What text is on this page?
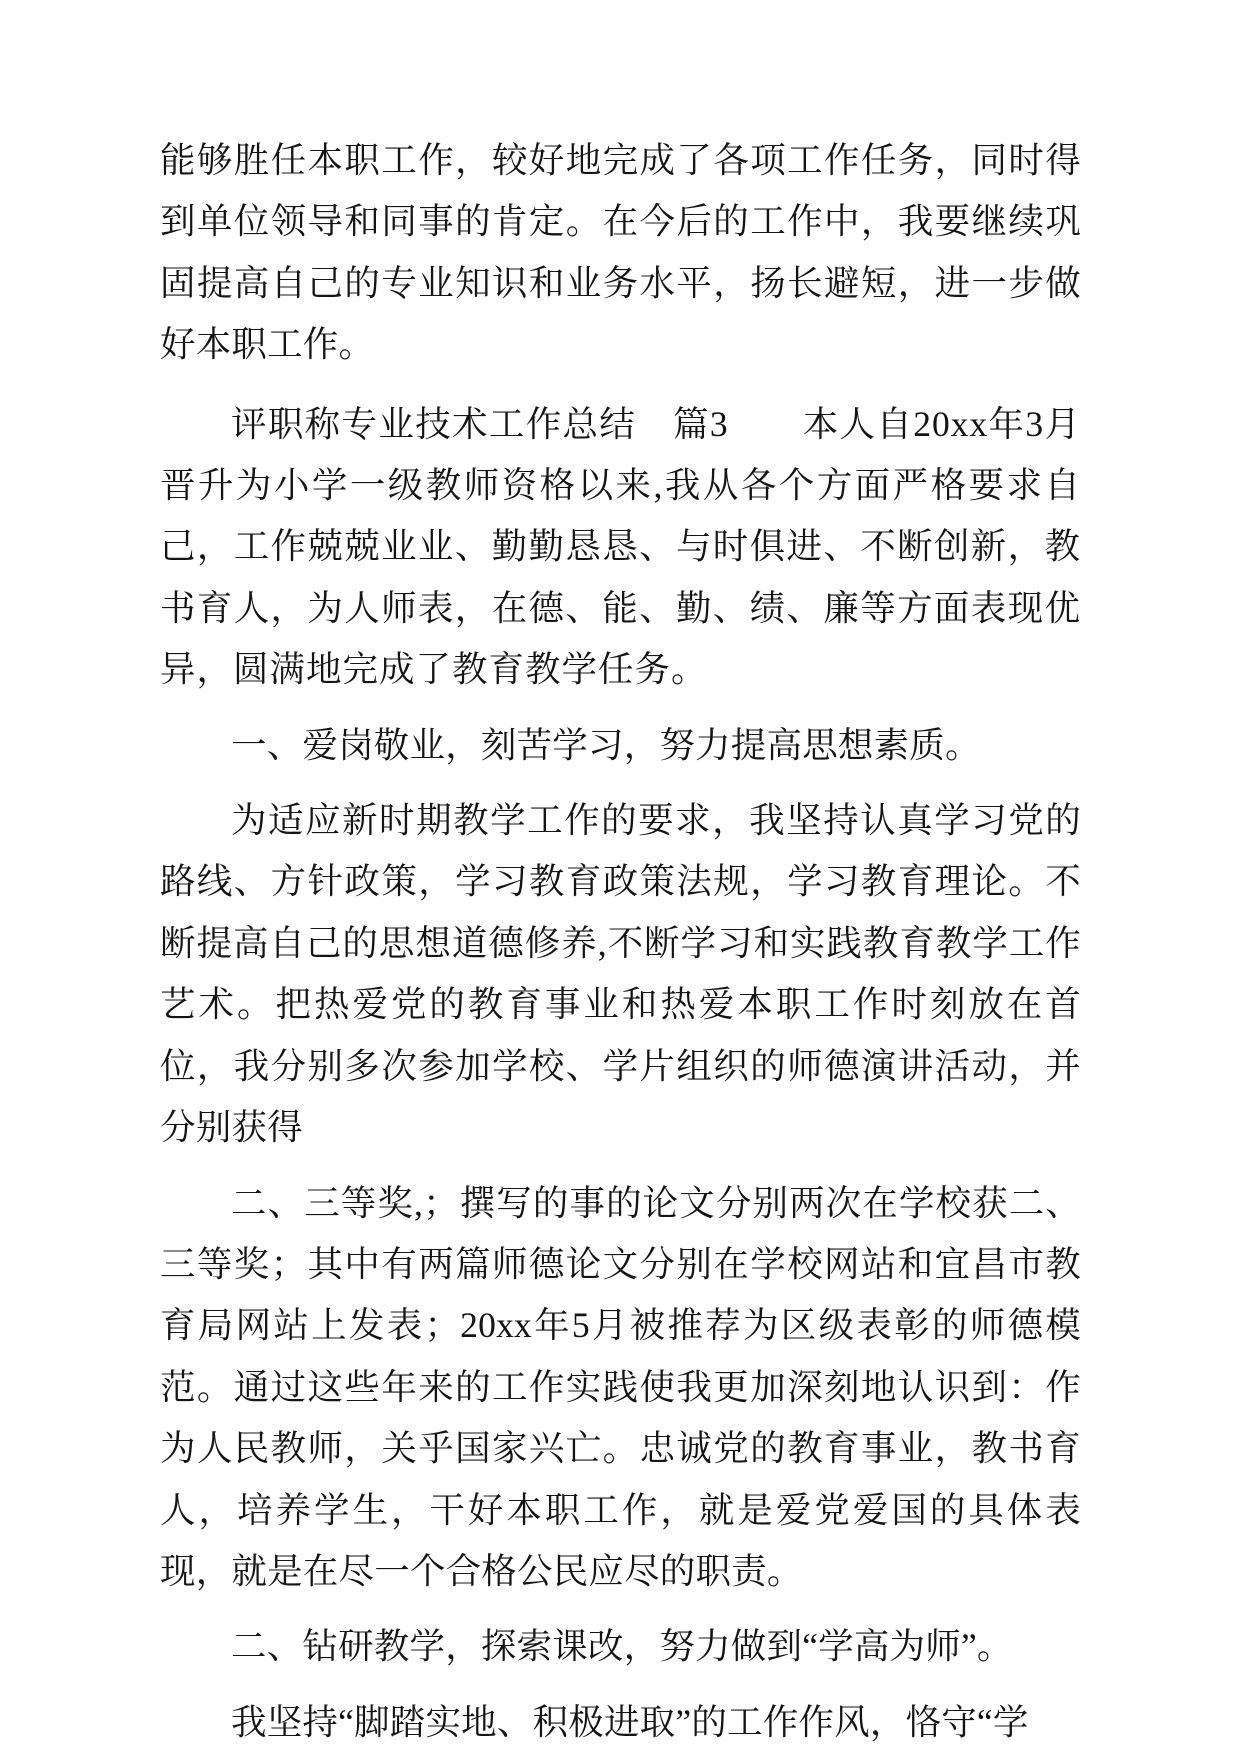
能够胜任本职工作，较好地完成了各项工作任务，同时得到单位领导和同事的肯定。在今后的工作中，我要继续巩固提高自己的专业知识和业务水平，扬长避短，进一步做好本职工作。

评职称专业技术工作总结　篇3　　本人自20xx年3月晋升为小学一级教师资格以来,我从各个方面严格要求自己，工作兢兢业业、勤勤恳恳、与时俱进、不断创新，教书育人，为人师表，在德、能、勤、绩、廉等方面表现优异，圆满地完成了教育教学任务。

一、爱岗敬业，刻苦学习，努力提高思想素质。

为适应新时期教学工作的要求，我坚持认真学习党的路线、方针政策，学习教育政策法规，学习教育理论。不断提高自己的思想道德修养,不断学习和实践教育教学工作艺术。把热爱党的教育事业和热爱本职工作时刻放在首位，我分别多次参加学校、学片组织的师德演讲活动，并分别获得

二、三等奖,；撰写的事的论文分别两次在学校获二、三等奖；其中有两篇师德论文分别在学校网站和宜昌市教育局网站上发表；20xx年5月被推荐为区级表彰的师德模范。通过这些年来的工作实践使我更加深刻地认识到：作为人民教师，关乎国家兴亡。忠诚党的教育事业，教书育人，培养学生，干好本职工作，就是爱党爱国的具体表现，就是在尽一个合格公民应尽的职责。

二、钻研教学，探索课改，努力做到“学高为师”。

我坚持“脚踏实地、积极进取”的工作作风，恪守“学
